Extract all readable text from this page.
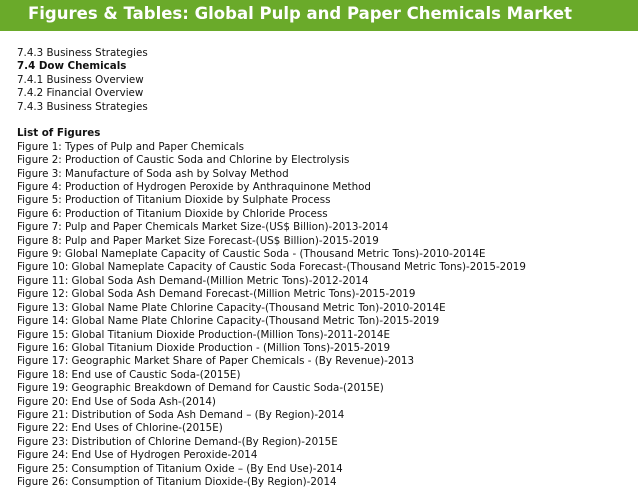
Figures & Tables: Global Pulp and Paper Chemicals Market
7.4.3 Business Strategies
7.4 Dow Chemicals
7.4.1 Business Overview
7.4.2 Financial Overview
7.4.3 Business Strategies
List of Figures
Figure 1: Types of Pulp and Paper Chemicals
Figure 2: Production of Caustic Soda and Chlorine by Electrolysis
Figure 3: Manufacture of Soda ash by Solvay Method
Figure 4: Production of Hydrogen Peroxide by Anthraquinone Method
Figure 5: Production of Titanium Dioxide by Sulphate Process
Figure 6: Production of Titanium Dioxide by Chloride Process
Figure 7: Pulp and Paper Chemicals Market Size-(US$ Billion)-2013-2014
Figure 8: Pulp and Paper Market Size Forecast-(US$ Billion)-2015-2019
Figure 9: Global Nameplate Capacity of Caustic Soda - (Thousand Metric Tons)-2010-2014E
Figure 10: Global Nameplate Capacity of Caustic Soda Forecast-(Thousand Metric Tons)-2015-2019
Figure 11: Global Soda Ash Demand-(Million Metric Tons)-2012-2014
Figure 12: Global Soda Ash Demand Forecast-(Million Metric Tons)-2015-2019
Figure 13: Global Name Plate Chlorine Capacity-(Thousand Metric Ton)-2010-2014E
Figure 14: Global Name Plate Chlorine Capacity-(Thousand Metric Ton)-2015-2019
Figure 15: Global Titanium Dioxide Production-(Million Tons)-2011-2014E
Figure 16: Global Titanium Dioxide Production - (Million Tons)-2015-2019
Figure 17: Geographic Market Share of Paper Chemicals - (By Revenue)-2013
Figure 18: End use of Caustic Soda-(2015E)
Figure 19: Geographic Breakdown of Demand for Caustic Soda-(2015E)
Figure 20: End Use of Soda Ash-(2014)
Figure 21: Distribution of Soda Ash Demand – (By Region)-2014
Figure 22: End Uses of Chlorine-(2015E)
Figure 23: Distribution of Chlorine Demand-(By Region)-2015E
Figure 24: End Use of Hydrogen Peroxide-2014
Figure 25: Consumption of Titanium Oxide – (By End Use)-2014
Figure 26: Consumption of Titanium Dioxide-(By Region)-2014
